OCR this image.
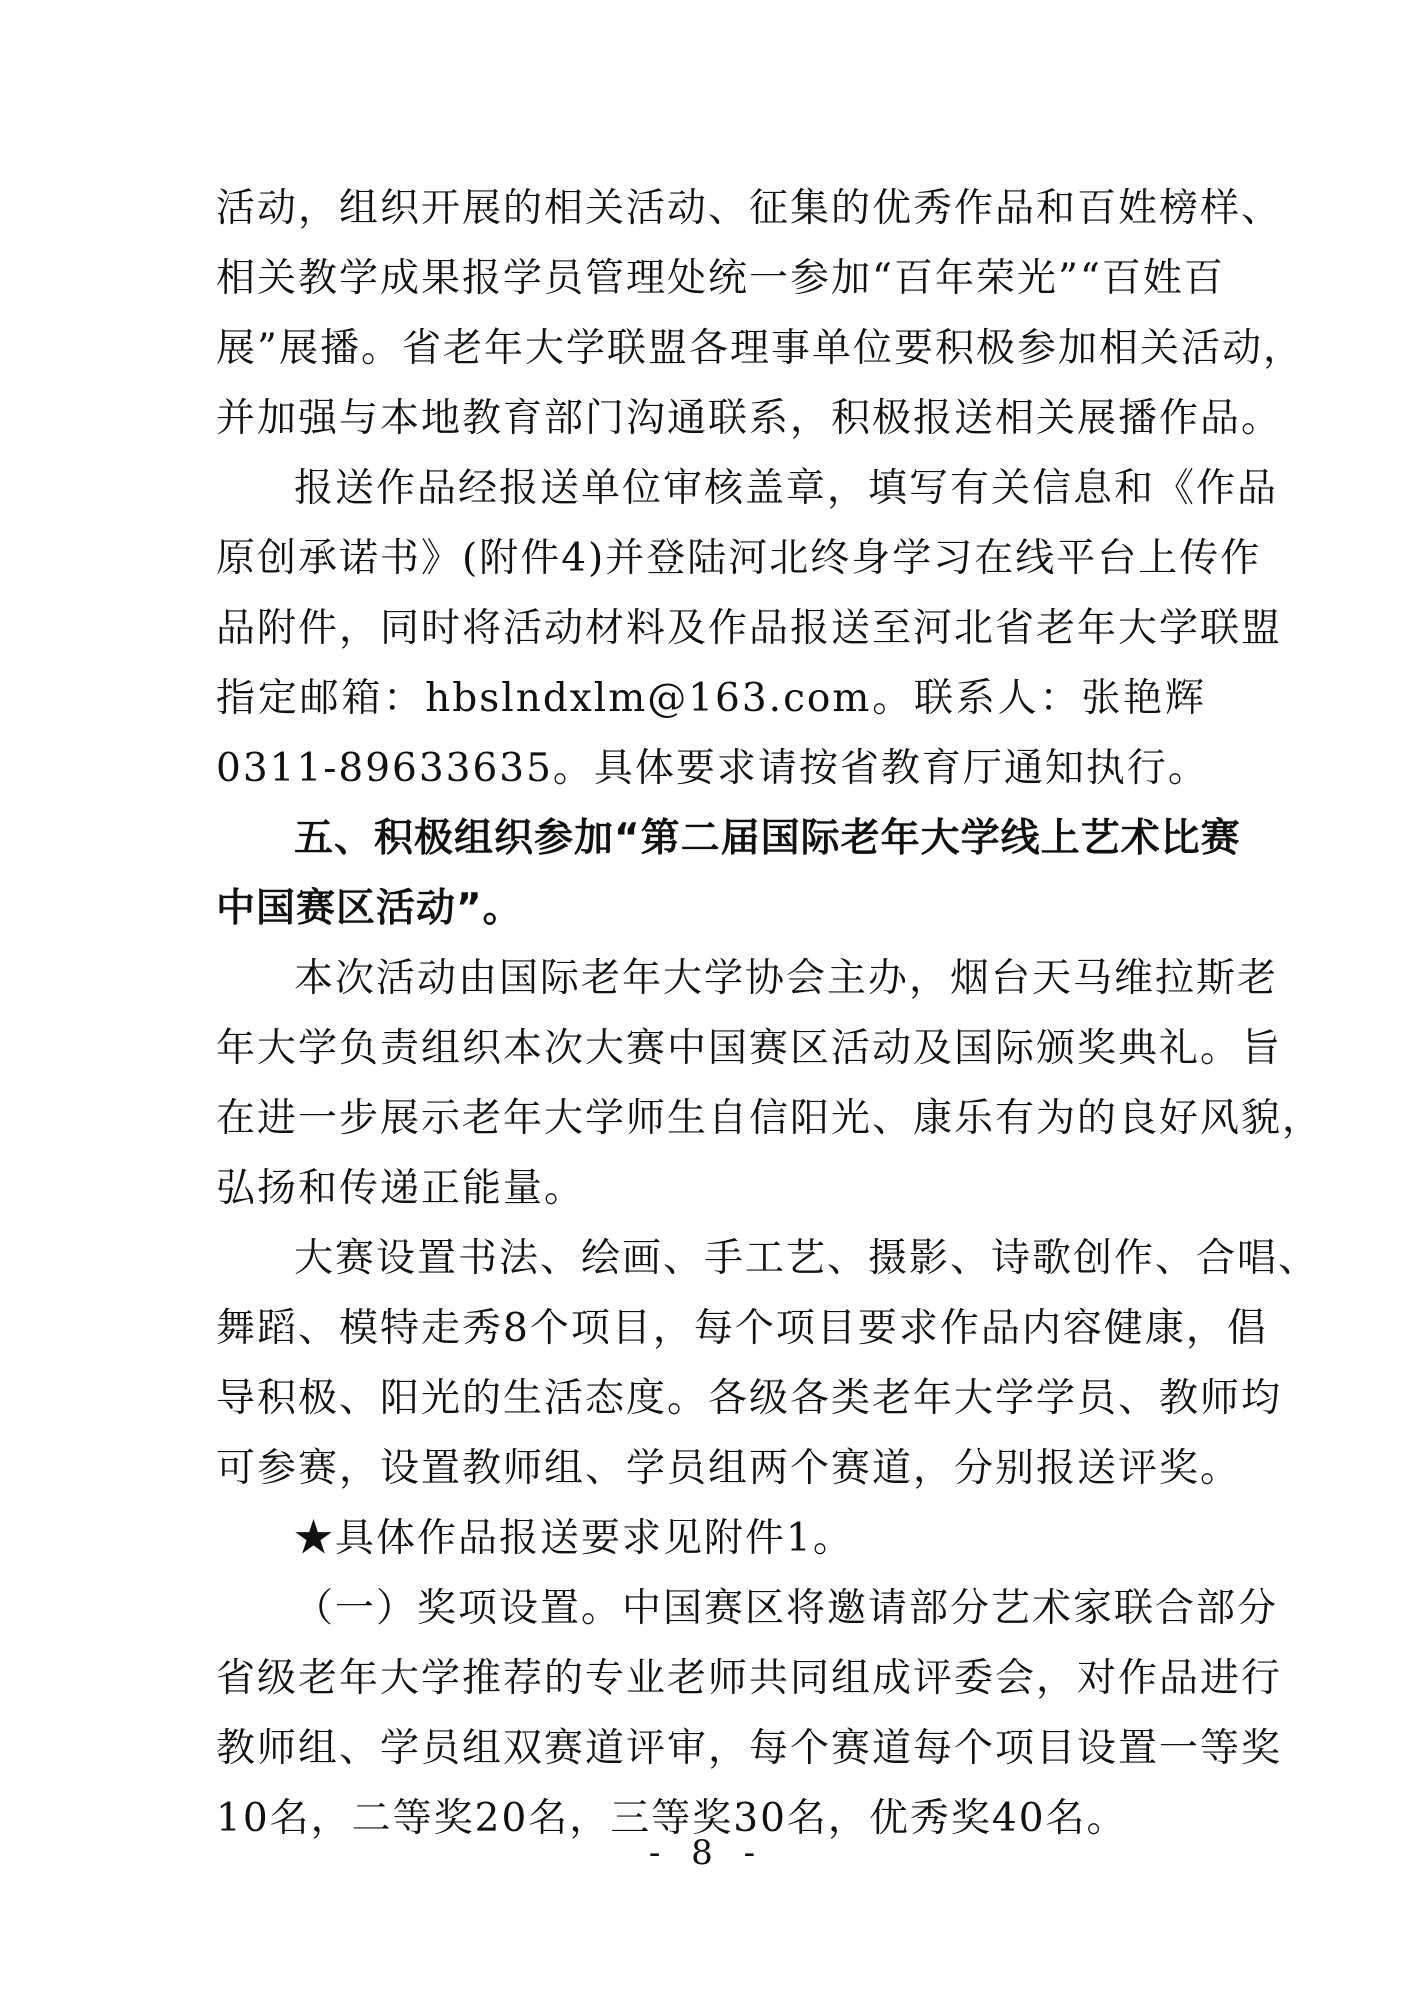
活动，组织开展的相关活动、征集的优秀作品和百姓榜样、
相关教学成果报学员管理处统一参加“百年荣光”“百姓百
展”展播。省老年大学联盟各理事单位要积极参加相关活动，
并加强与本地教育部门沟通联系，积极报送相关展播作品。
报送作品经报送单位审核盖章，填写有关信息和《作品
原创承诺书》(附件4)并登陆河北终身学习在线平台上传作
品附件，同时将活动材料及作品报送至河北省老年大学联盟
指定邮箱：hbslndxlm@163.com。联系人：张艳辉
0311-89633635。具体要求请按省教育厅通知执行。
五、积极组织参加“第二届国际老年大学线上艺术比赛
中国赛区活动”。
本次活动由国际老年大学协会主办，烟台天马维拉斯老
年大学负责组织本次大赛中国赛区活动及国际颁奖典礼。旨
在进一步展示老年大学师生自信阳光、康乐有为的良好风貌，
弘扬和传递正能量。
大赛设置书法、绘画、手工艺、摄影、诗歌创作、合唱、
舞蹈、模特走秀8个项目，每个项目要求作品内容健康，倡
导积极、阳光的生活态度。各级各类老年大学学员、教师均
可参赛，设置教师组、学员组两个赛道，分别报送评奖。
★具体作品报送要求见附件1。
（一）奖项设置。中国赛区将邀请部分艺术家联合部分
省级老年大学推荐的专业老师共同组成评委会，对作品进行
教师组、学员组双赛道评审，每个赛道每个项目设置一等奖
10名，二等奖20名，三等奖30名，优秀奖40名。
- 8 -
